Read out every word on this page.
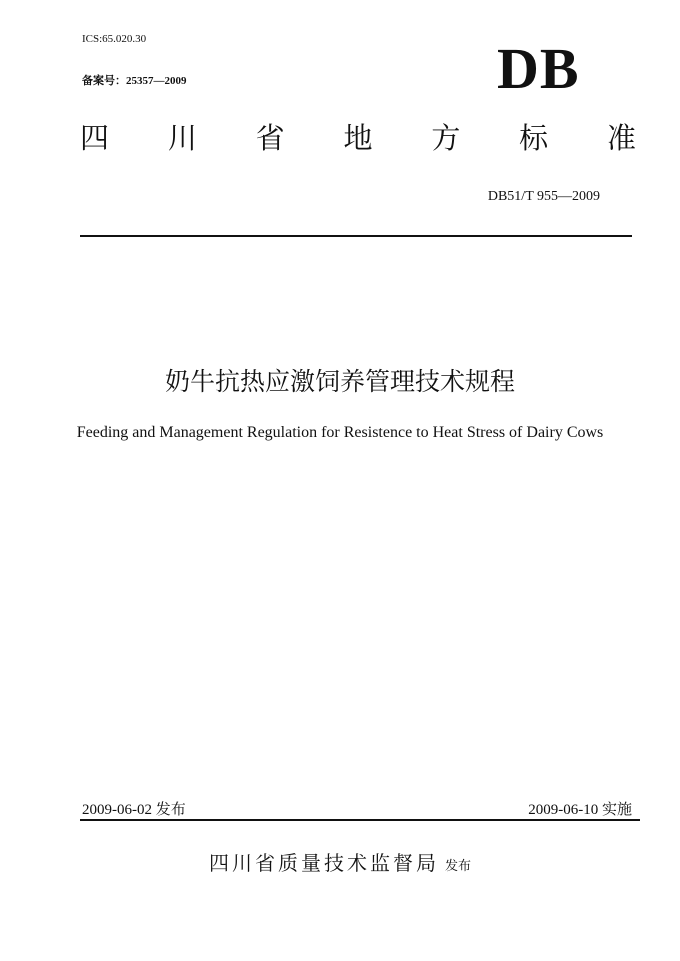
ICS:65.020.30
备案号：25357—2009	DB
四 川 省 地 方 标 准
DB51/T 955—2009
奶牛抗热应激饲养管理技术规程
Feeding and Management Regulation for Resistence to Heat Stress of Dairy Cows
2009-06-02 发布	2009-06-10 实施
四川省质量技术监督局 发布
